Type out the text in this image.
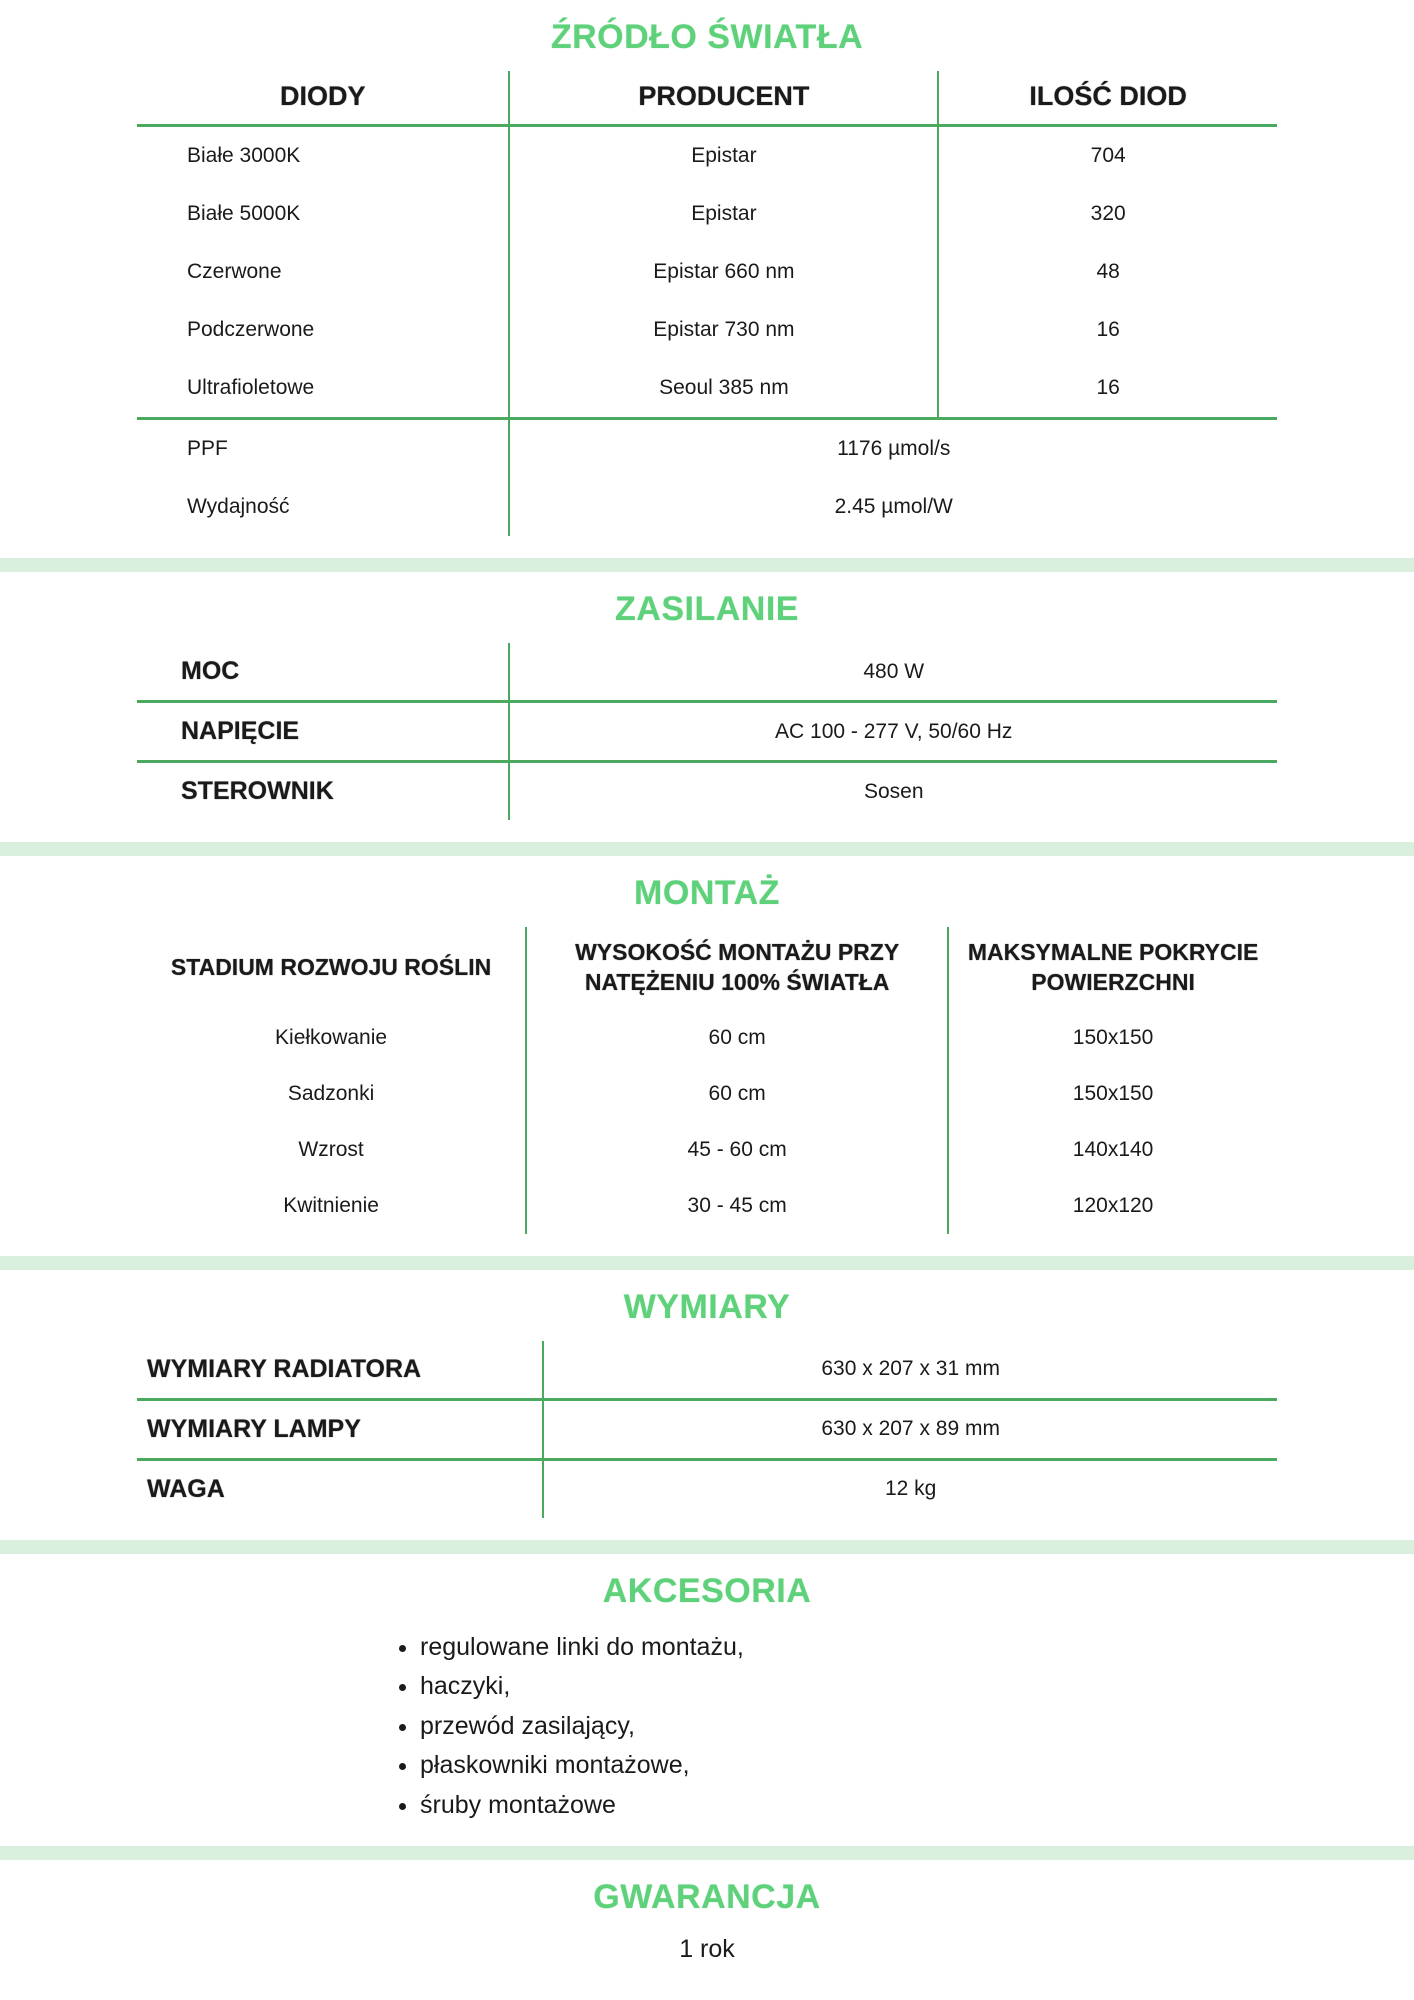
ŹRÓDŁO ŚWIATŁA
DIODY	PRODUCENT	ILOŚĆ DIOD
Białe 3000K	Epistar	704
Białe 5000K	Epistar	320
Czerwone	Epistar 660 nm	48
Podczerwone	Epistar 730 nm	16
Ultrafioletowe	Seoul 385 nm	16
PPF	1176 µmol/s	
Wydajność	2.45 µmol/W	
ZASILANIE
MOC	480 W
NAPIĘCIE	AC 100 - 277 V, 50/60 Hz
STEROWNIK	Sosen
MONTAŻ
STADIUM ROZWOJU ROŚLIN	WYSOKOŚĆ MONTAŻU PRZY NATĘŻENIU 100% ŚWIATŁA	MAKSYMALNE POKRYCIE POWIERZCHNI
Kiełkowanie	60 cm	150x150
Sadzonki	60 cm	150x150
Wzrost	45 - 60 cm	140x140
Kwitnienie	30 - 45 cm	120x120
WYMIARY
WYMIARY RADIATORA	630 x 207 x 31 mm
WYMIARY LAMPY	630 x 207 x 89 mm
WAGA	12 kg
AKCESORIA
• regulowane linki do montażu,
• haczyki,
• przewód zasilający,
• płaskowniki montażowe,
• śruby montażowe
GWARANCJA
1 rok
